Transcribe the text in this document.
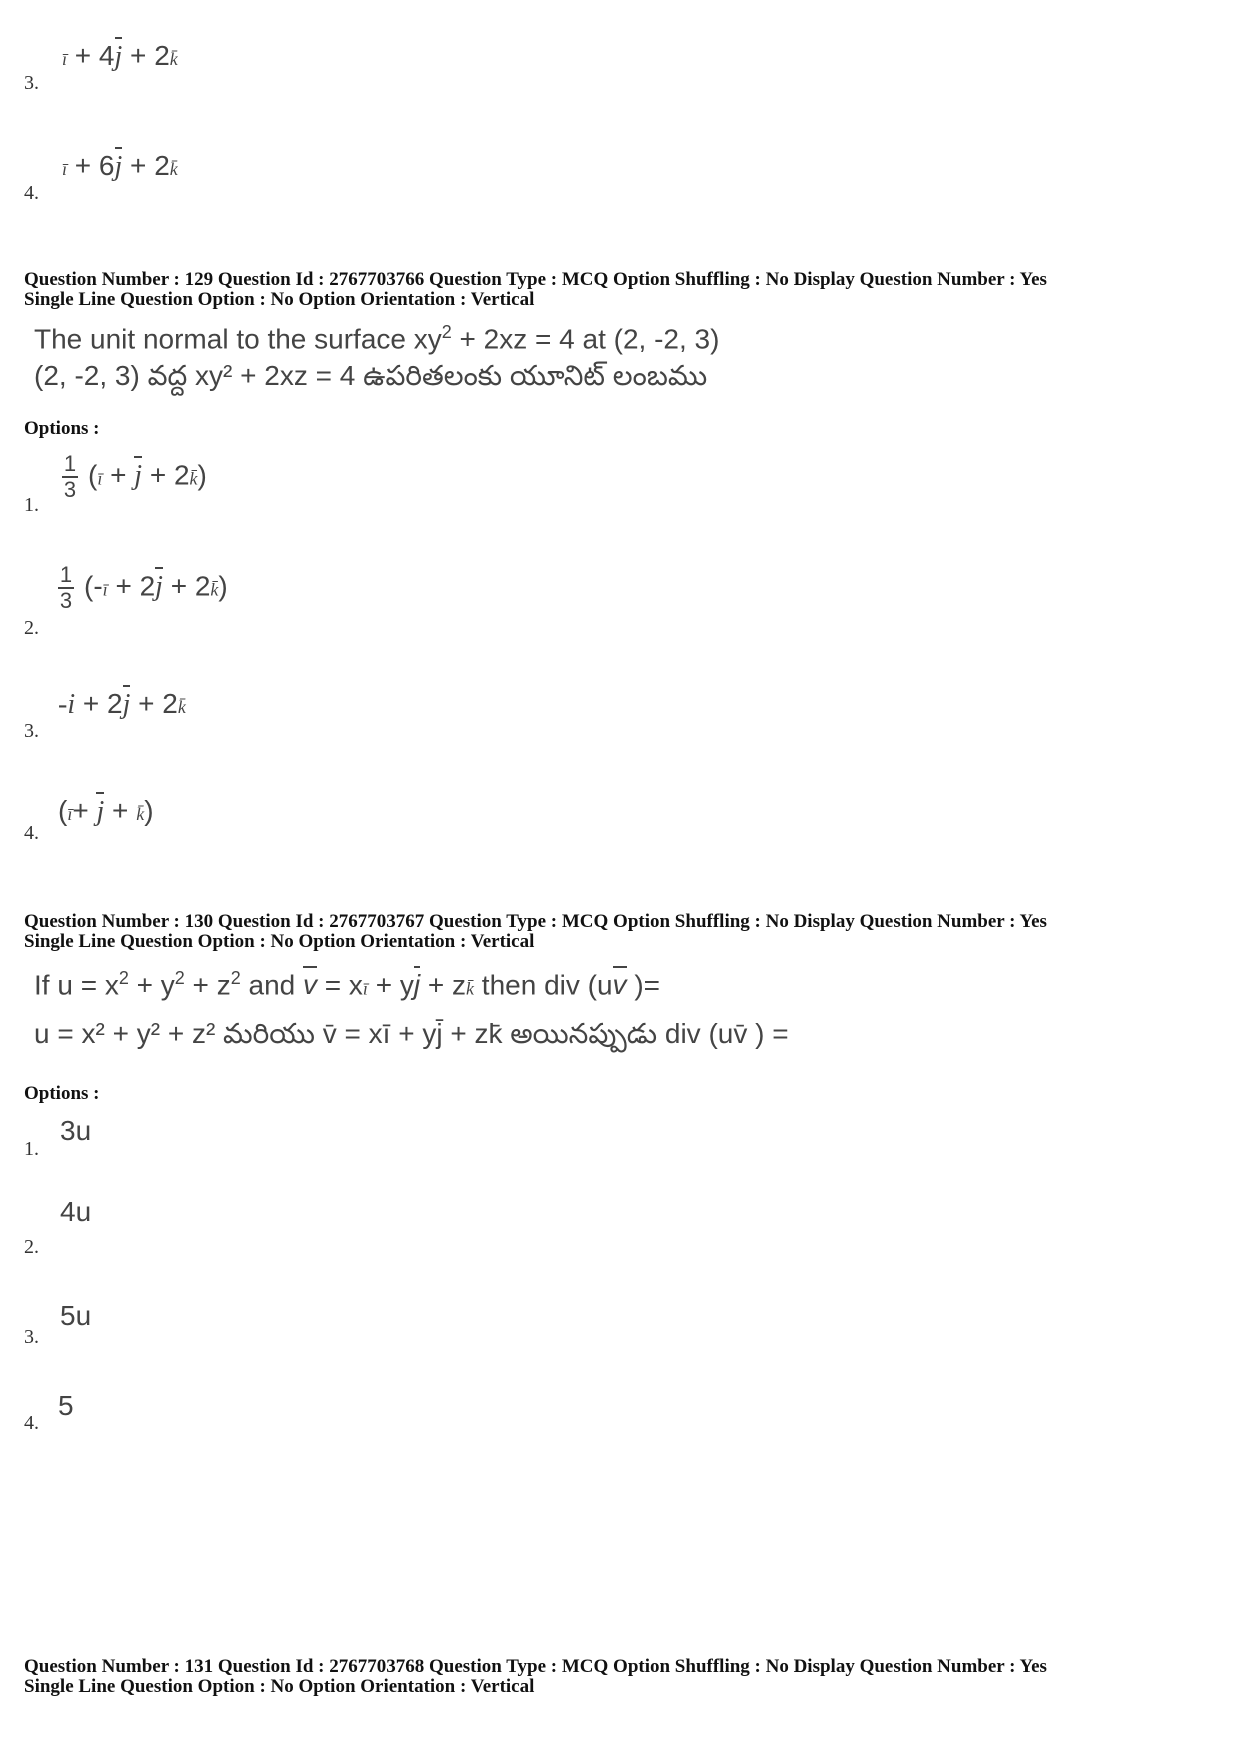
ī + 4j + 2k̄
3.
ī + 6j + 2k̄
4.
Question Number : 129 Question Id : 2767703766 Question Type : MCQ Option Shuffling : No Display Question Number : Yes
Single Line Question Option : No Option Orientation : Vertical
The unit normal to the surface $xy^2 + 2xz = 4$ at (2, -2, 3)
(2, -2, 3) వద్ద xy² + 2xz = 4 ఉపరితలంకు యూనిట్ లంబము
Options :
$\frac{1}{3}$ (ī + j + 2k̄)
1.
$\frac{1}{3}$ (-ī + 2j + 2k̄)
2.
-i + 2j + 2k̄
3.
(ī+ j + k̄)
4.
Question Number : 130 Question Id : 2767703767 Question Type : MCQ Option Shuffling : No Display Question Number : Yes
Single Line Question Option : No Option Orientation : Vertical
If $u = x^2 + y^2 + z^2$ and v = xī + yj + zk̄ then div (uv )=
u = x² + y² + z² మరియు v̄ = xī + yj̄ + zk̄ అయినప్పుడు div (uv̄ ) =
Options :
3u
1.
4u
2.
5u
3.
5
4.
Question Number : 131 Question Id : 2767703768 Question Type : MCQ Option Shuffling : No Display Question Number : Yes
Single Line Question Option : No Option Orientation : Vertical
